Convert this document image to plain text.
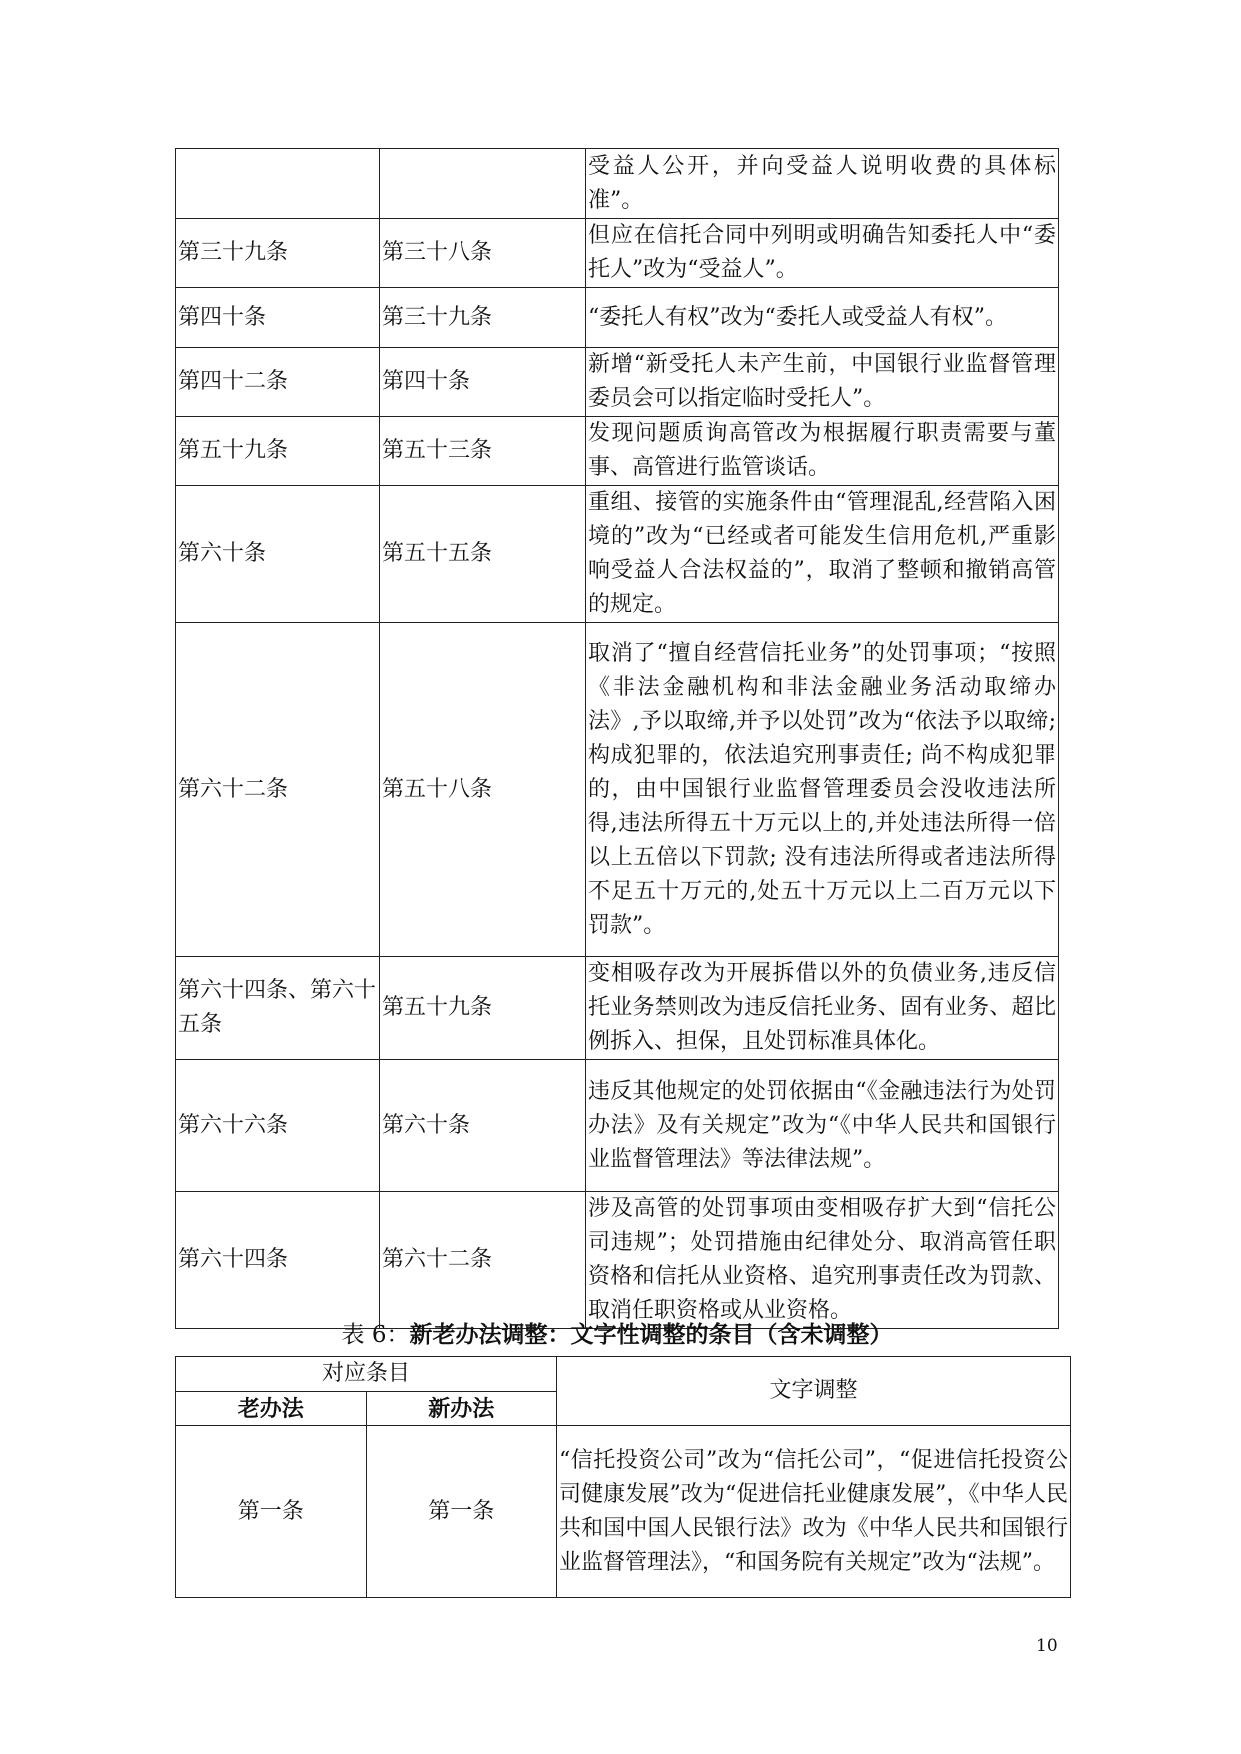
		受益人公开，并向受益人说明收费的具体标准”。
第三十九条	第三十八条	但应在信托合同中列明或明确告知委托人中“委托人”改为“受益人”。
第四十条	第三十九条	“委托人有权”改为“委托人或受益人有权”。
第四十二条	第四十条	新增“新受托人未产生前，中国银行业监督管理委员会可以指定临时受托人”。
第五十九条	第五十三条	发现问题质询高管改为根据履行职责需要与董事、高管进行监管谈话。
第六十条	第五十五条	重组、接管的实施条件由“管理混乱,经营陷入困境的”改为“已经或者可能发生信用危机,严重影响受益人合法权益的”，取消了整顿和撤销高管的规定。
第六十二条	第五十八条	取消了“擅自经营信托业务”的处罚事项；“按照《非法金融机构和非法金融业务活动取缔办法》,予以取缔,并予以处罚”改为“依法予以取缔; 构成犯罪的，依法追究刑事责任; 尚不构成犯罪的，由中国银行业监督管理委员会没收违法所得,违法所得五十万元以上的,并处违法所得一倍以上五倍以下罚款; 没有违法所得或者违法所得不足五十万元的,处五十万元以上二百万元以下罚款”。
第六十四条、第六十五条	第五十九条	变相吸存改为开展拆借以外的负债业务,违反信托业务禁则改为违反信托业务、固有业务、超比例拆入、担保，且处罚标准具体化。
第六十六条	第六十条	违反其他规定的处罚依据由“《金融违法行为处罚办法》及有关规定”改为“《中华人民共和国银行业监督管理法》等法律法规”。
第六十四条	第六十二条	涉及高管的处罚事项由变相吸存扩大到“信托公司违规”；处罚措施由纪律处分、取消高管任职资格和信托从业资格、追究刑事责任改为罚款、取消任职资格或从业资格。
表 6：新老办法调整：文字性调整的条目（含未调整）
对应条目		文字调整
老办法	新办法	
第一条	第一条	“信托投资公司”改为“信托公司”，“促进信托投资公司健康发展”改为“促进信托业健康发展”，《中华人民共和国中国人民银行法》改为《中华人民共和国银行业监督管理法》，“和国务院有关规定”改为“法规”。
10
